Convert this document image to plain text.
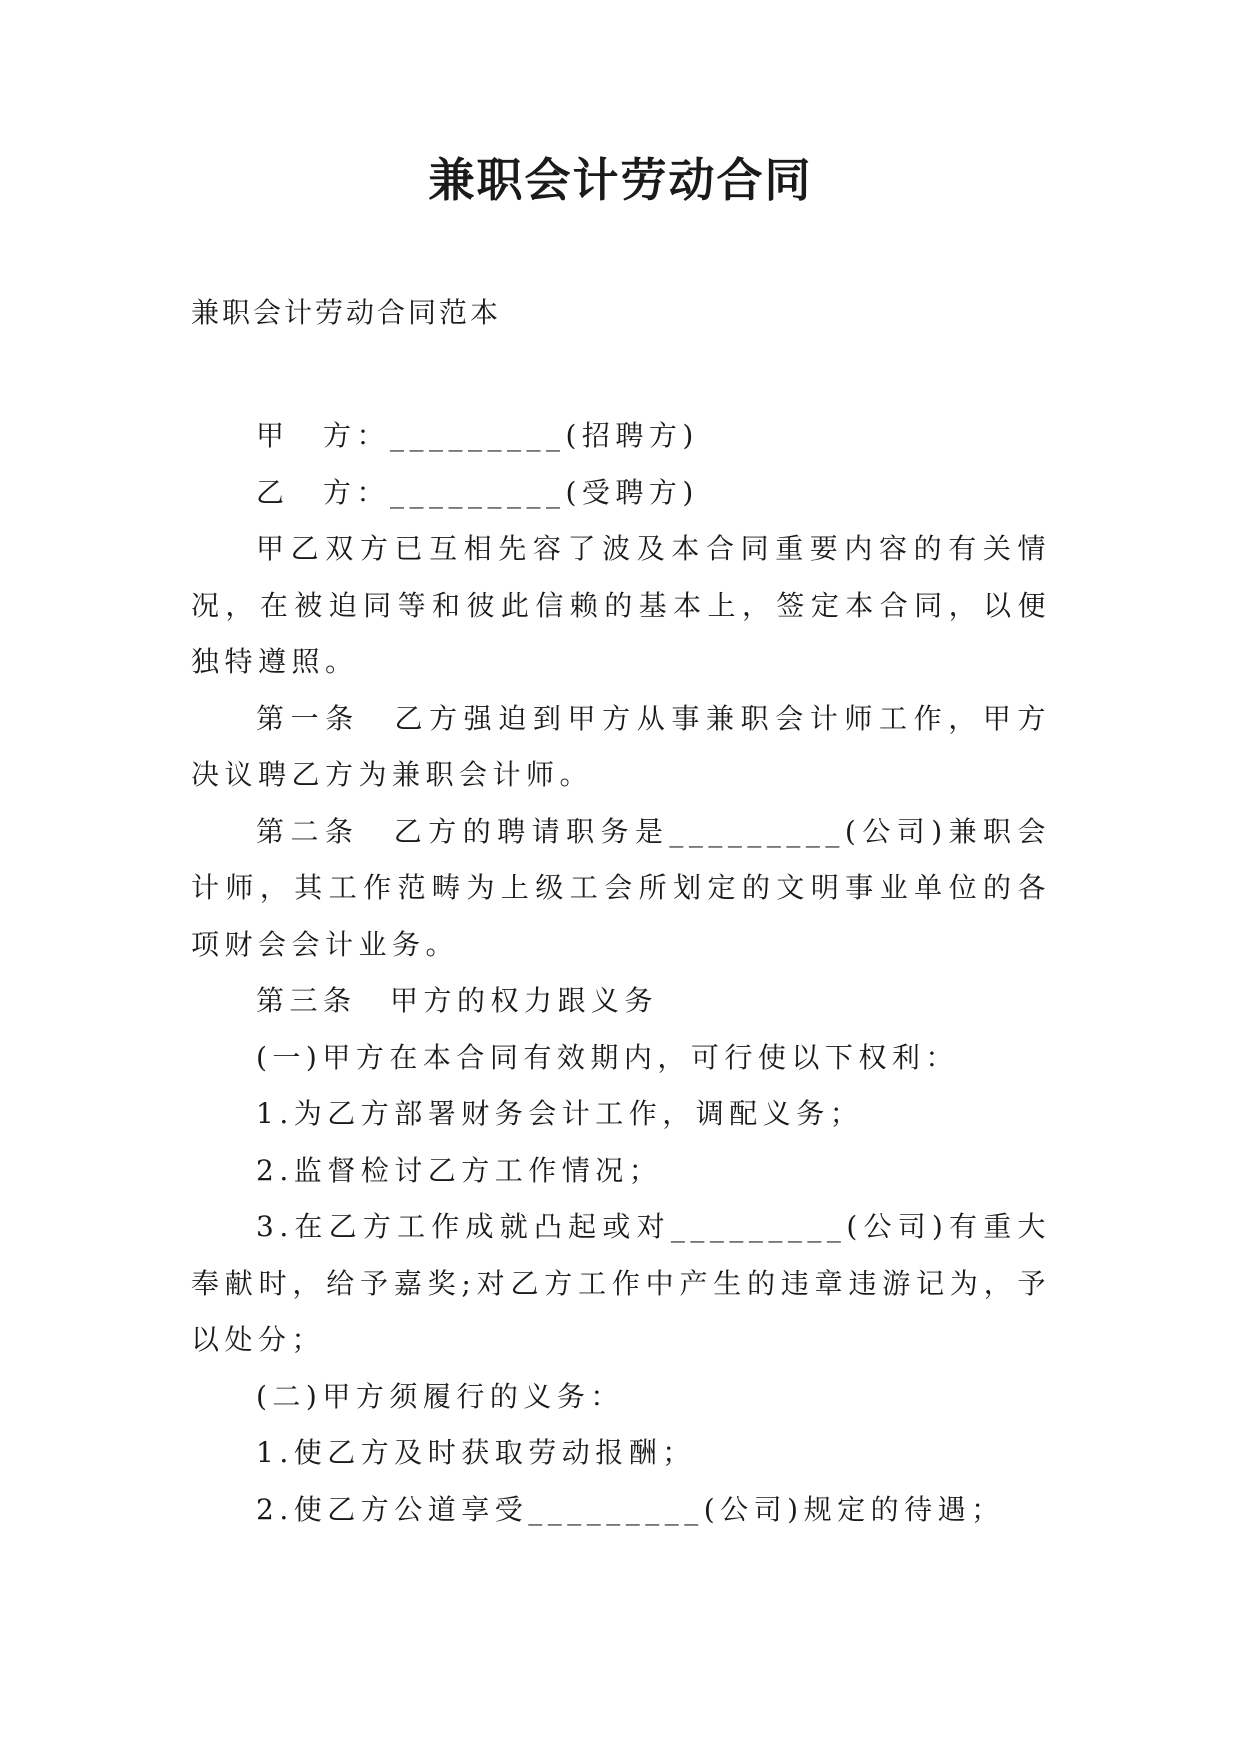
兼职会计劳动合同
兼职会计劳动合同范本

甲　方：_________(招聘方)

乙　方：_________(受聘方)

甲乙双方已互相先容了波及本合同重要内容的有关情况，在被迫同等和彼此信赖的基本上，签定本合同，以便独特遵照。

第一条　乙方强迫到甲方从事兼职会计师工作，甲方决议聘乙方为兼职会计师。

第二条　乙方的聘请职务是_________(公司)兼职会计师，其工作范畴为上级工会所划定的文明事业单位的各项财会会计业务。

第三条　甲方的权力跟义务

(一)甲方在本合同有效期内，可行使以下权利：

1.为乙方部署财务会计工作，调配义务；

2.监督检讨乙方工作情况；

3.在乙方工作成就凸起或对_________(公司)有重大奉献时，给予嘉奖;对乙方工作中产生的违章违游记为，予以处分；

(二)甲方须履行的义务：

1.使乙方及时获取劳动报酬；

2.使乙方公道享受_________(公司)规定的待遇；
